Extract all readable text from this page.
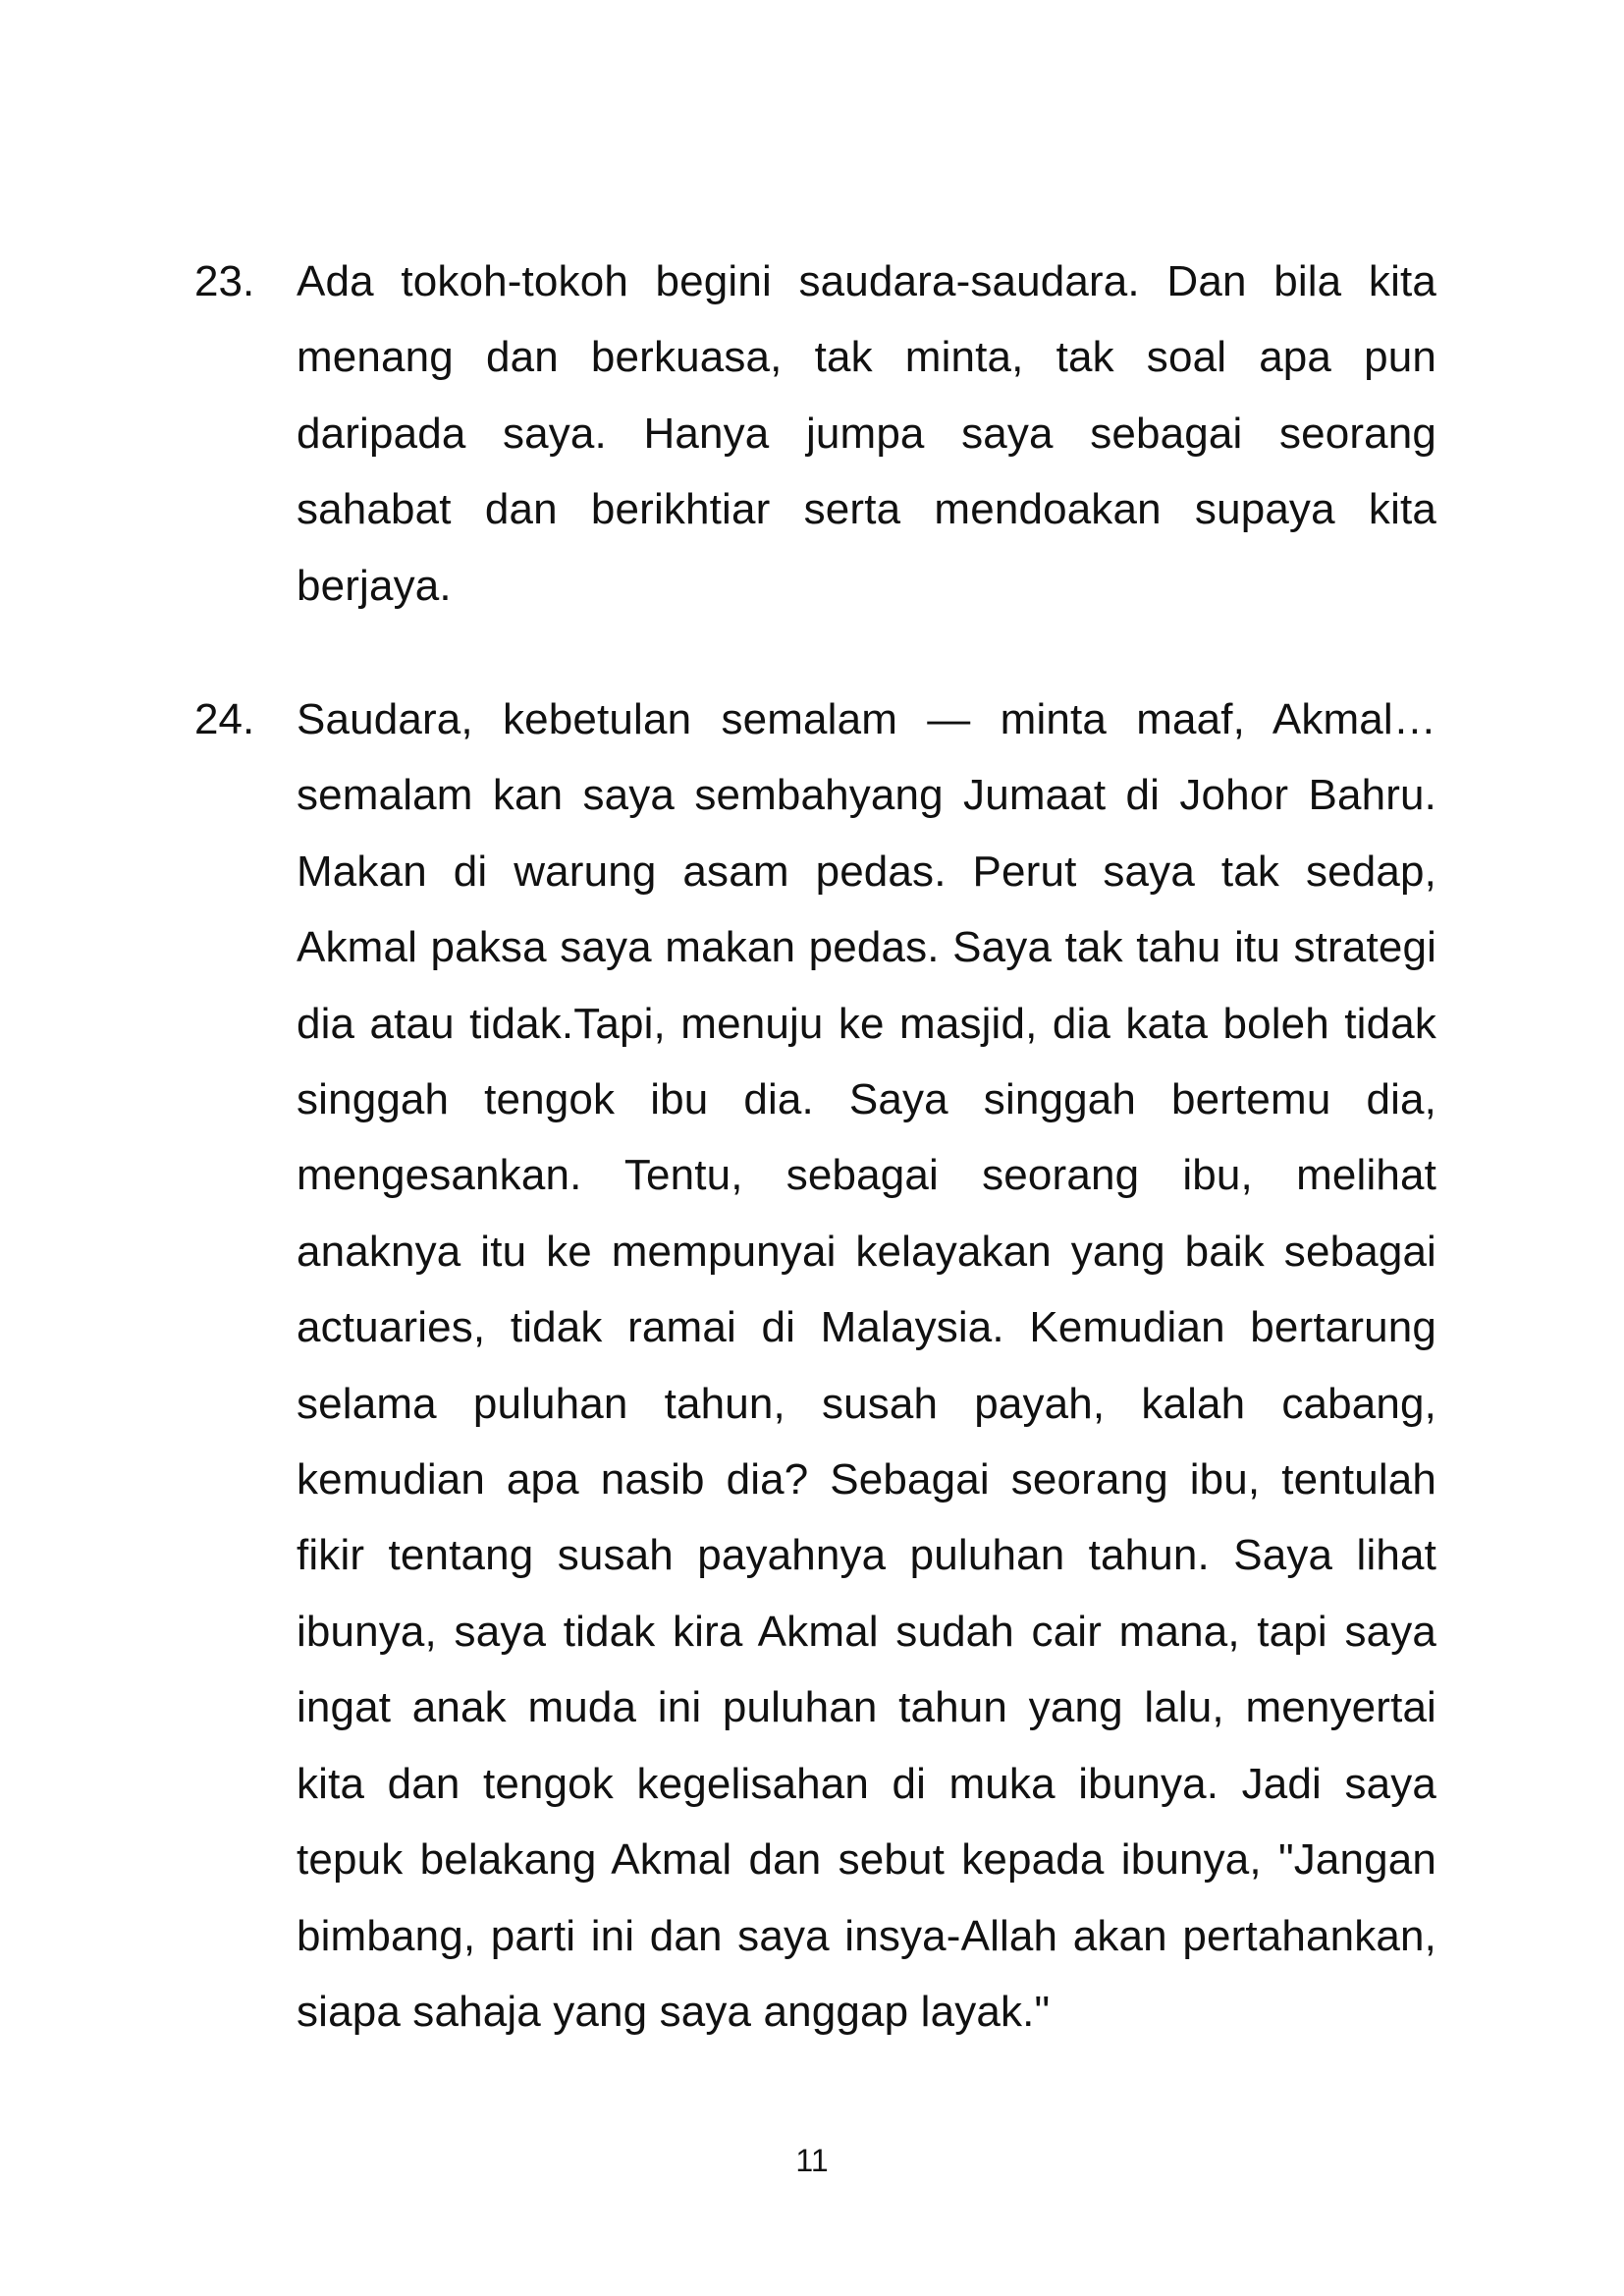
23. Ada tokoh-tokoh begini saudara-saudara. Dan bila kita menang dan berkuasa, tak minta, tak soal apa pun daripada saya. Hanya jumpa saya sebagai seorang sahabat dan berikhtiar serta mendoakan supaya kita berjaya.
24. Saudara, kebetulan semalam — minta maaf, Akmal… semalam kan saya sembahyang Jumaat di Johor Bahru. Makan di warung asam pedas. Perut saya tak sedap, Akmal paksa saya makan pedas. Saya tak tahu itu strategi dia atau tidak.Tapi, menuju ke masjid, dia kata boleh tidak singgah tengok ibu dia. Saya singgah bertemu dia, mengesankan. Tentu, sebagai seorang ibu, melihat anaknya itu ke mempunyai kelayakan yang baik sebagai actuaries, tidak ramai di Malaysia. Kemudian bertarung selama puluhan tahun, susah payah, kalah cabang, kemudian apa nasib dia? Sebagai seorang ibu, tentulah fikir tentang susah payahnya puluhan tahun. Saya lihat ibunya, saya tidak kira Akmal sudah cair mana, tapi saya ingat anak muda ini puluhan tahun yang lalu, menyertai kita dan tengok kegelisahan di muka ibunya. Jadi saya tepuk belakang Akmal dan sebut kepada ibunya, "Jangan bimbang, parti ini dan saya insya-Allah akan pertahankan, siapa sahaja yang saya anggap layak."
11
